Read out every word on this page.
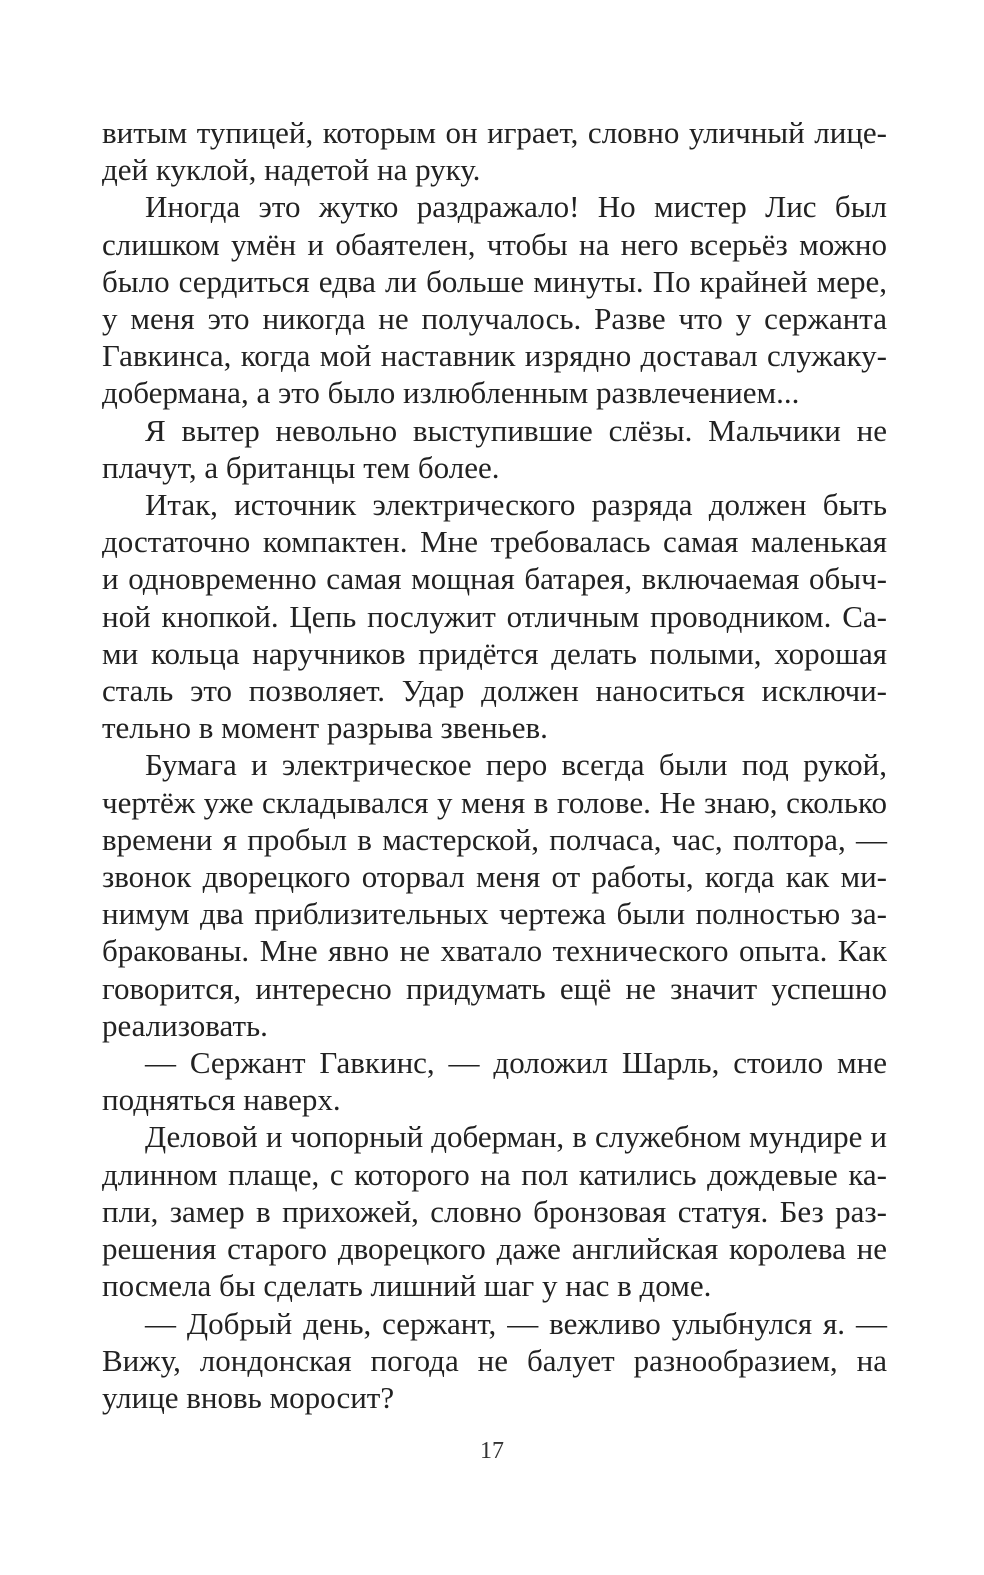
витым тупицей, которым он играет, словно уличный лицедей куклой, надетой на руку.

Иногда это жутко раздражало! Но мистер Лис был слишком умён и обаятелен, чтобы на него всерьёз можно было сердиться едва ли больше минуты. По крайней мере, у меня это никогда не получалось. Разве что у сержанта Гавкинса, когда мой наставник изрядно доставал служаку-добермана, а это было излюбленным развлечением...

Я вытер невольно выступившие слёзы. Мальчики не плачут, а британцы тем более.

Итак, источник электрического разряда должен быть достаточно компактен. Мне требовалась самая маленькая и одновременно самая мощная батарея, включаемая обычной кнопкой. Цепь послужит отличным проводником. Сами кольца наручников придётся делать полыми, хорошая сталь это позволяет. Удар должен наноситься исключительно в момент разрыва звеньев.

Бумага и электрическое перо всегда были под рукой, чертёж уже складывался у меня в голове. Не знаю, сколько времени я пробыл в мастерской, полчаса, час, полтора, — звонок дворецкого оторвал меня от работы, когда как минимум два приблизительных чертежа были полностью забракованы. Мне явно не хватало технического опыта. Как говорится, интересно придумать ещё не значит успешно реализовать.

— Сержант Гавкинс, — доложил Шарль, стоило мне подняться наверх.

Деловой и чопорный доберман, в служебном мундире и длинном плаще, с которого на пол катились дождевые капли, замер в прихожей, словно бронзовая статуя. Без разрешения старого дворецкого даже английская королева не посмела бы сделать лишний шаг у нас в доме.

— Добрый день, сержант, — вежливо улыбнулся я. — Вижу, лондонская погода не балует разнообразием, на улице вновь моросит?

17
